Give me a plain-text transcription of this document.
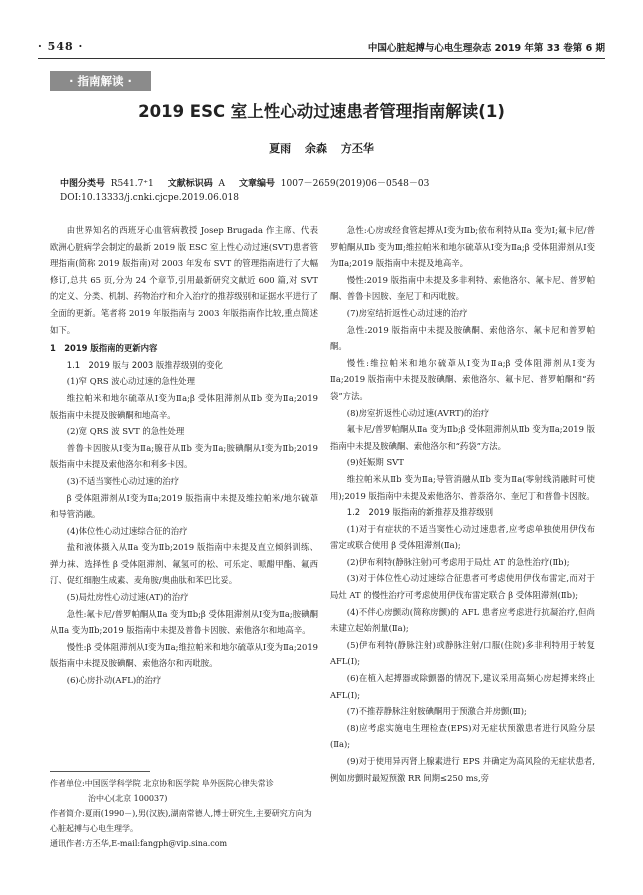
· 548 ·	中国心脏起搏与心电生理杂志 2019 年第 33 卷第 6 期
· 指南解读 ·
2019 ESC 室上性心动过速患者管理指南解读(1)
夏雨 余森 方丕华
中图分类号 R541.7⁺1 文献标识码 A 文章编号 1007－2659(2019)06－0548－03
DOI:10.13333/j.cnki.cjcpe.2019.06.018

由世界知名的西班牙心血管病教授 Josep Brugada 作主席、代表欧洲心脏病学会制定的最新 2019 版 ESC 室上性心动过速(SVT)患者管理指南(简称 2019 版指南)对 2003 年发布 SVT 的管理指南进行了大幅修订,总共 65 页,分为 24 个章节,引用最新研究文献近 600 篇,对 SVT 的定义、分类、机制、药物治疗和介入治疗的推荐级别和证据水平进行了全面的更新。笔者将 2019 年版指南与 2003 年版指南作比较,重点简述如下。

1　2019 版指南的更新内容

1.1　2019 版与 2003 版推荐级别的变化

(1)窄 QRS 波心动过速的急性处理

维拉帕米和地尔硫䓬从Ⅰ变为Ⅱa;β 受体阻滞剂从Ⅱb 变为Ⅱa;2019 版指南中未提及胺碘酮和地高辛。

(2)宽 QRS 波 SVT 的急性处理

普鲁卡因胺从Ⅰ变为Ⅱa;腺苷从Ⅱb 变为Ⅱa;胺碘酮从Ⅰ变为Ⅱb;2019 版指南中未提及索他洛尔和利多卡因。

(3)不适当窦性心动过速的治疗

β 受体阻滞剂从Ⅰ变为Ⅱa;2019 版指南中未提及维拉帕米/地尔硫䓬和导管消融。

(4)体位性心动过速综合征的治疗

盐和液体摄入从Ⅱa 变为Ⅱb;2019 版指南中未提及直立倾斜训练、弹力袜、选择性 β 受体阻滞剂、氟氢可的松、可乐定、哌醋甲酯、氟西汀、促红细胞生成素、麦角胺/奥曲肽和苯巴比妥。

(5)局灶房性心动过速(AT)的治疗

急性:氟卡尼/普罗帕酮从Ⅱa 变为Ⅱb;β 受体阻滞剂从Ⅰ变为Ⅱa;胺碘酮从Ⅱa 变为Ⅱb;2019 版指南中未提及普鲁卡因胺、索他洛尔和地高辛。

慢性:β 受体阻滞剂从Ⅰ变为Ⅱa;维拉帕米和地尔硫䓬从Ⅰ变为Ⅱa;2019 版指南中未提及胺碘酮、索他洛尔和丙吡胺。

(6)心房扑动(AFL)的治疗

急性:心房或经食管起搏从Ⅰ变为Ⅱb;依布利特从Ⅱa 变为Ⅰ;氟卡尼/普罗帕酮从Ⅱb 变为Ⅲ;维拉帕米和地尔硫䓬从Ⅰ变为Ⅱa;β 受体阻滞剂从Ⅰ变为Ⅱa;2019 版指南中未提及地高辛。

慢性:2019 版指南中未提及多非利特、索他洛尔、氟卡尼、普罗帕酮、普鲁卡因胺、奎尼丁和丙吡胺。

(7)房室结折返性心动过速的治疗

急性:2019 版指南中未提及胺碘酮、索他洛尔、氟卡尼和普罗帕酮。

慢性:维拉帕米和地尔硫䓬从Ⅰ变为Ⅱa;β 受体阻滞剂从Ⅰ变为Ⅱa;2019 版指南中未提及胺碘酮、索他洛尔、氟卡尼、普罗帕酮和“药袋”方法。

(8)房室折返性心动过速(AVRT)的治疗

氟卡尼/普罗帕酮从Ⅱa 变为Ⅱb;β 受体阻滞剂从Ⅱb 变为Ⅱa;2019 版指南中未提及胺碘酮、索他洛尔和“药袋”方法。

(9)妊娠期 SVT

维拉帕米从Ⅱb 变为Ⅱa;导管消融从Ⅱb 变为Ⅱa(零射线消融时可使用);2019 版指南中未提及索他洛尔、普萘洛尔、奎尼丁和普鲁卡因胺。

1.2　2019 版指南的新推荐及推荐级别

(1)对于有症状的不适当窦性心动过速患者,应考虑单独使用伊伐布雷定或联合使用 β 受体阻滞剂(Ⅱa);

(2)伊布利特(静脉注射)可考虑用于局灶 AT 的急性治疗(Ⅱb);

(3)对于体位性心动过速综合征患者可考虑使用伊伐布雷定,而对于局灶 AT 的慢性治疗可考虑使用伊伐布雷定联合 β 受体阻滞剂(Ⅱb);

(4)不伴心房颤动(简称房颤)的 AFL 患者应考虑进行抗凝治疗,但尚未建立起始剂量(Ⅱa);

(5)伊布利特(静脉注射)或静脉注射/口服(住院)多非利特用于转复 AFL(Ⅰ);

(6)在植入起搏器或除颤器的情况下,建议采用高频心房起搏来终止 AFL(Ⅰ);

(7)不推荐静脉注射胺碘酮用于预激合并房颤(Ⅲ);

(8)应考虑实施电生理检查(EPS)对无症状预激患者进行风险分层(Ⅱa);

(9)对于使用异丙肾上腺素进行 EPS 并确定为高风险的无症状患者,例如房颤时最短预激 RR 间期≤250 ms,旁

作者单位:中国医学科学院 北京协和医学院 阜外医院心律失常诊

治中心(北京 100037)

作者简介:夏雨(1990－),男(汉族),湖南常德人,博士研究生,主要研究方向为心脏起搏与心电生理学。

通讯作者:方丕华,E-mail:fangph@vip.sina.com
